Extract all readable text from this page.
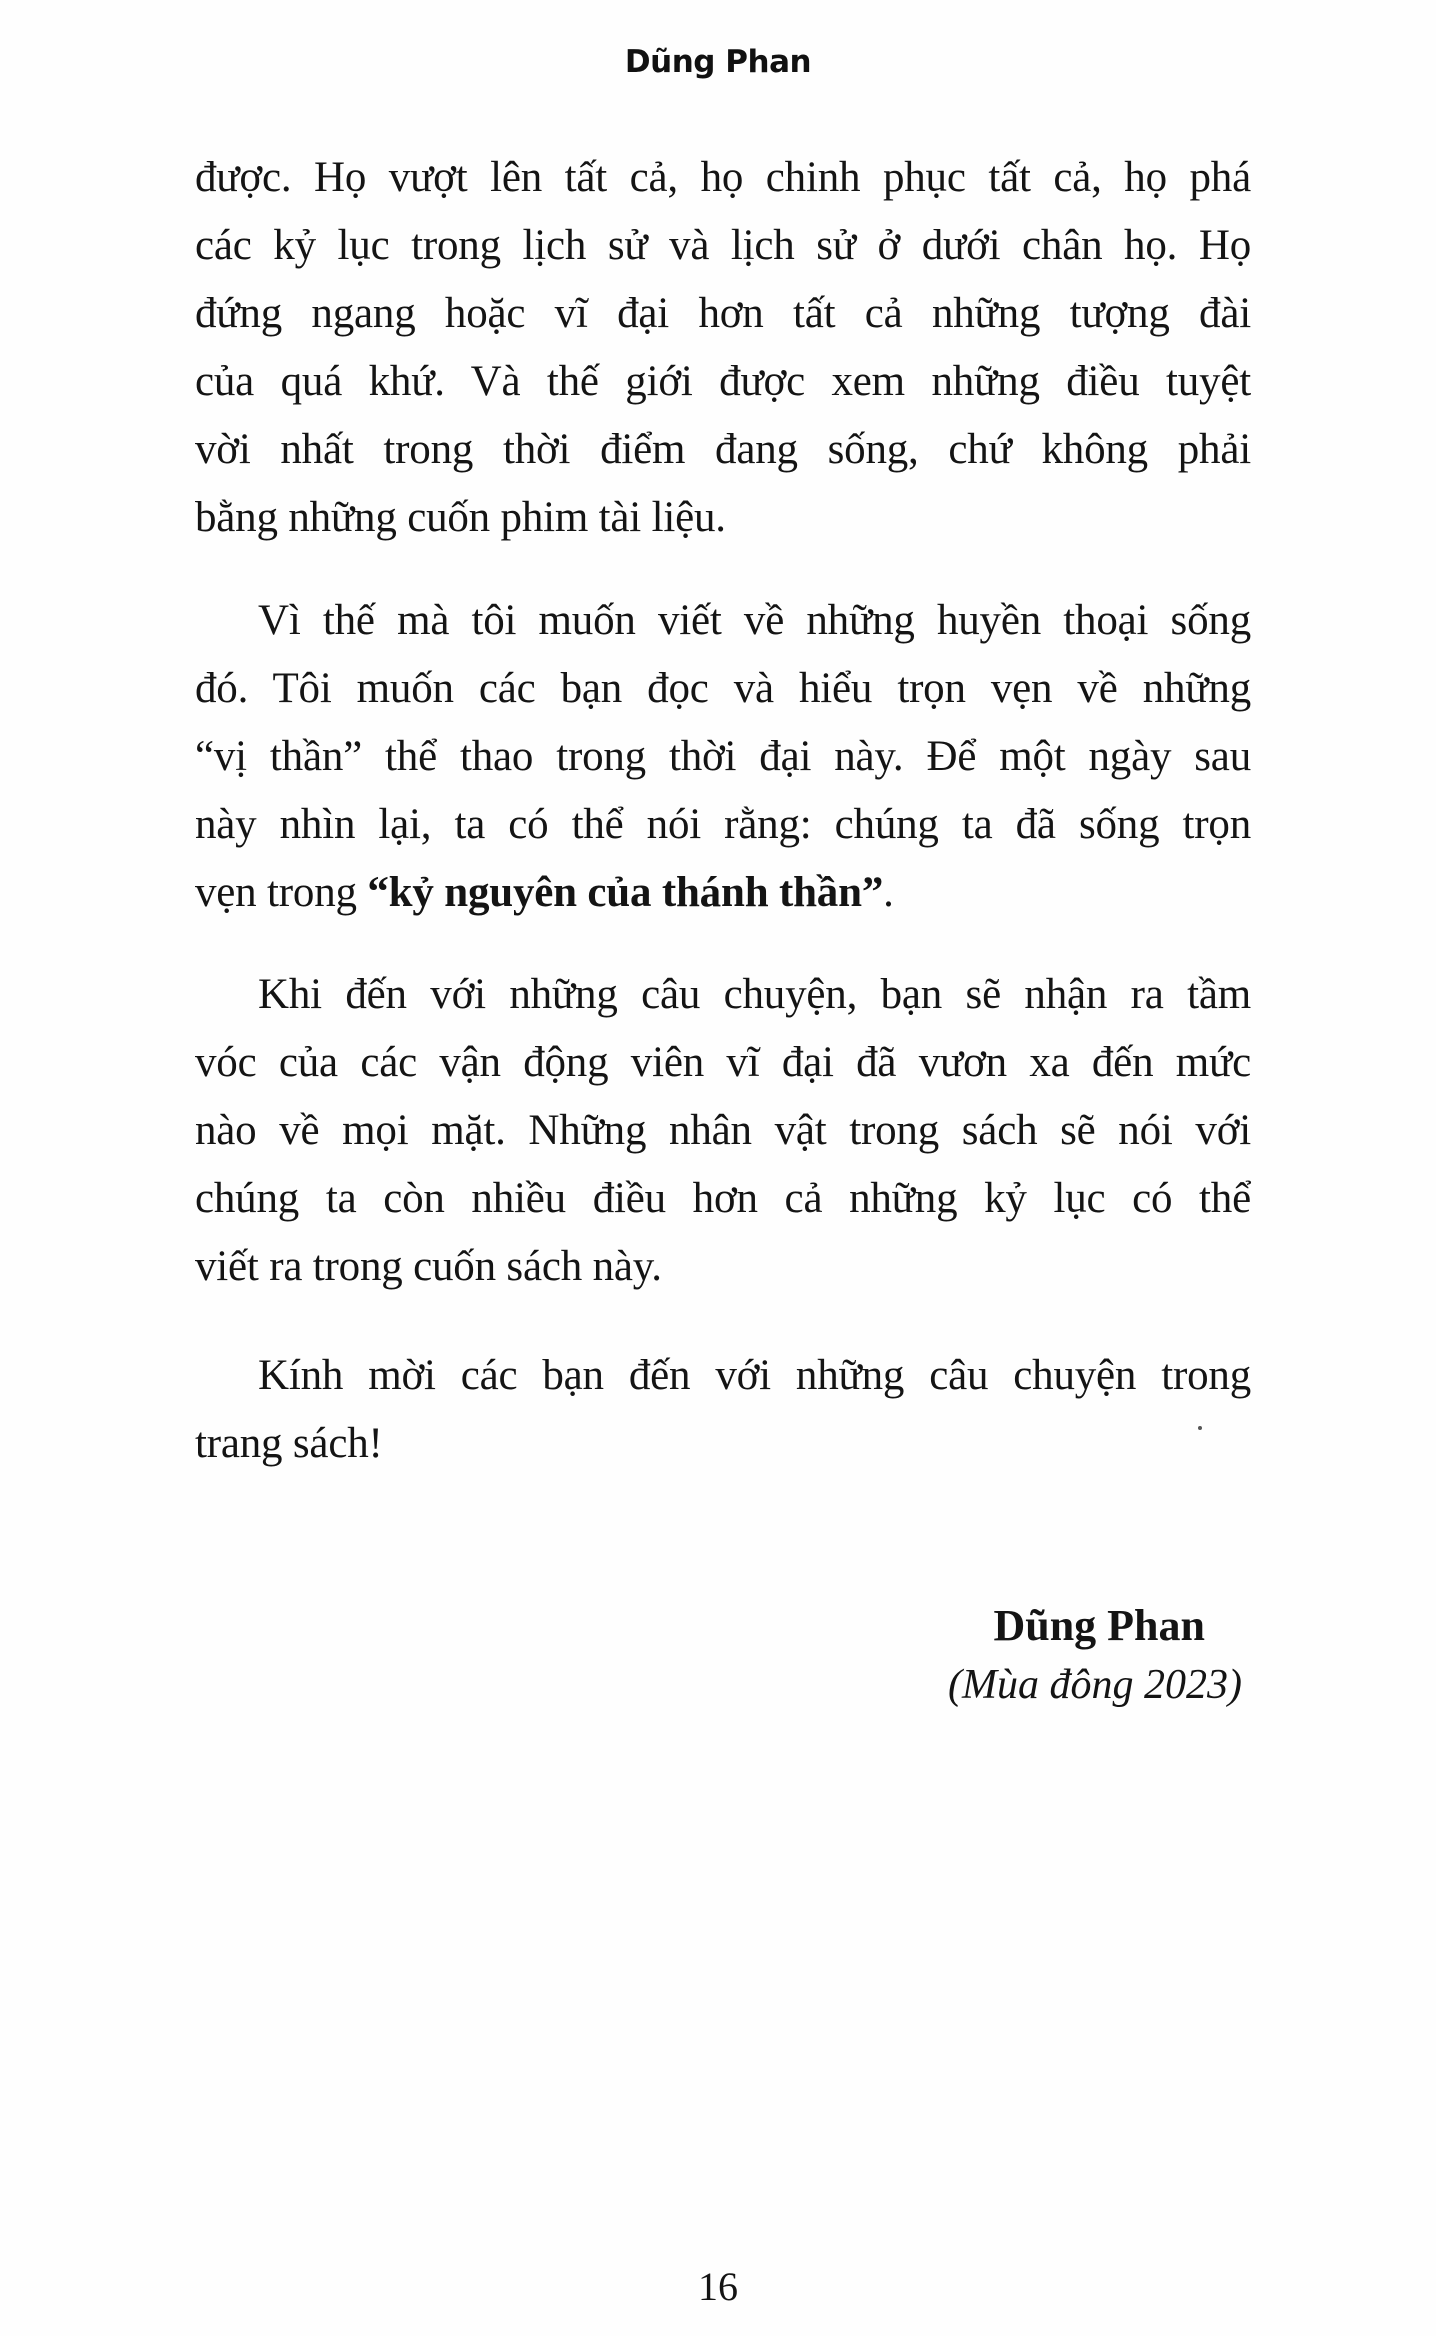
Dũng Phan
được. Họ vượt lên tất cả, họ chinh phục tất cả, họ phá
các kỷ lục trong lịch sử và lịch sử ở dưới chân họ. Họ
đứng ngang hoặc vĩ đại hơn tất cả những tượng đài
của quá khứ. Và thế giới được xem những điều tuyệt
vời nhất trong thời điểm đang sống, chứ không phải
bằng những cuốn phim tài liệu.
Vì thế mà tôi muốn viết về những huyền thoại sống
đó. Tôi muốn các bạn đọc và hiểu trọn vẹn về những
“vị thần” thể thao trong thời đại này. Để một ngày sau
này nhìn lại, ta có thể nói rằng: chúng ta đã sống trọn
vẹn trong “kỷ nguyên của thánh thần”.
Khi đến với những câu chuyện, bạn sẽ nhận ra tầm
vóc của các vận động viên vĩ đại đã vươn xa đến mức
nào về mọi mặt. Những nhân vật trong sách sẽ nói với
chúng ta còn nhiều điều hơn cả những kỷ lục có thể
viết ra trong cuốn sách này.
Kính mời các bạn đến với những câu chuyện trong
trang sách!
Dũng Phan
(Mùa đông 2023)
16
